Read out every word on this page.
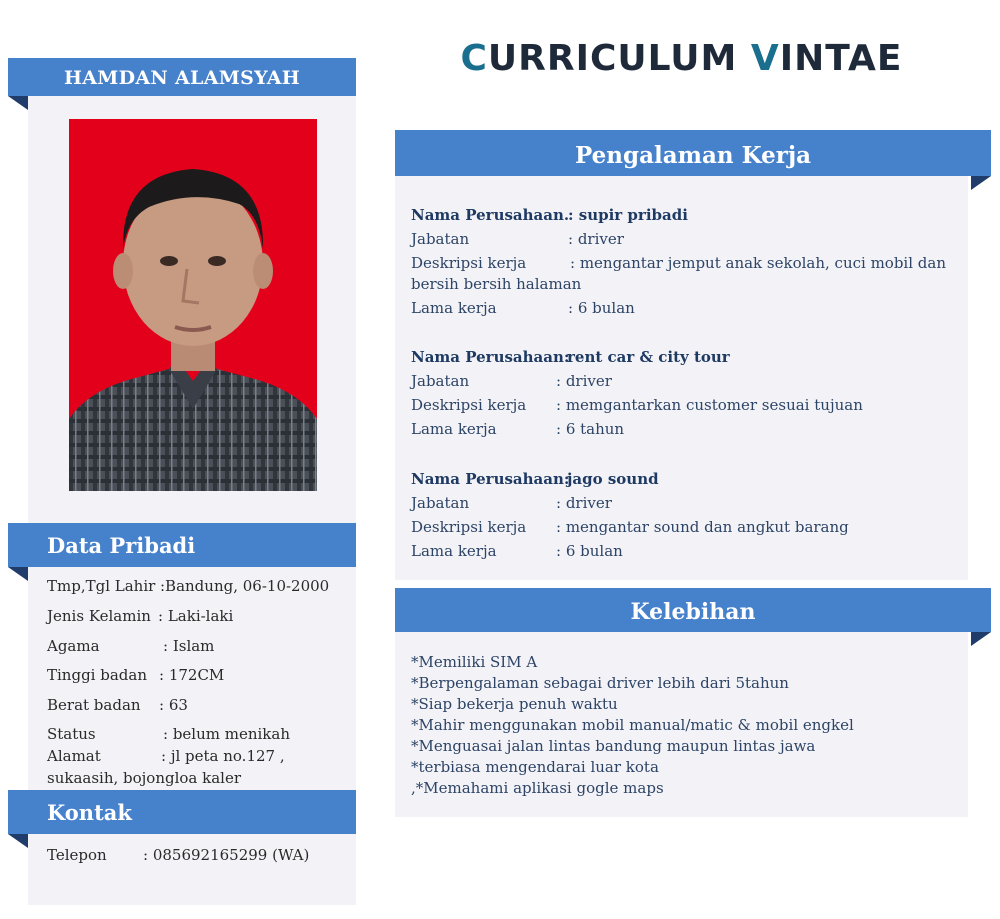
CURRICULUM VINTAE
HAMDAN ALAMSYAH
Data Pribadi
Tmp,Tgl Lahir :Bandung, 06-10-2000
Jenis Kelamin : Laki-laki
Agama	: Islam
Tinggi badan : 172CM
Berat badan : 63
Status	: belum menikah
Alamat	: jl peta no.127 ,
sukaasih, bojongloa kaler
Kontak
Telepon : 085692165299 (WA)
Pengalaman Kerja
Nama Perusahaan.
: supir pribadi
Jabatan	: driver
Deskripsi kerja	: mengantar jemput anak sekolah, cuci mobil dan
bersih bersih halaman
Lama kerja	: 6 bulan
Nama Perusahaan:
rent car & city tour
Jabatan	: driver
Deskripsi kerja : memgantarkan customer sesuai tujuan
Lama kerja	: 6 tahun
Nama Perusahaan:
jago sound
Jabatan	: driver
Deskripsi kerja : mengantar sound dan angkut barang
Lama kerja	: 6 bulan
Kelebihan
*Memiliki SIM A
*Berpengalaman sebagai driver lebih dari 5tahun
*Siap bekerja penuh waktu
*Mahir menggunakan mobil manual/matic & mobil engkel
*Menguasai jalan lintas bandung maupun lintas jawa
*terbiasa mengendarai luar kota
,*Memahami aplikasi gogle maps
